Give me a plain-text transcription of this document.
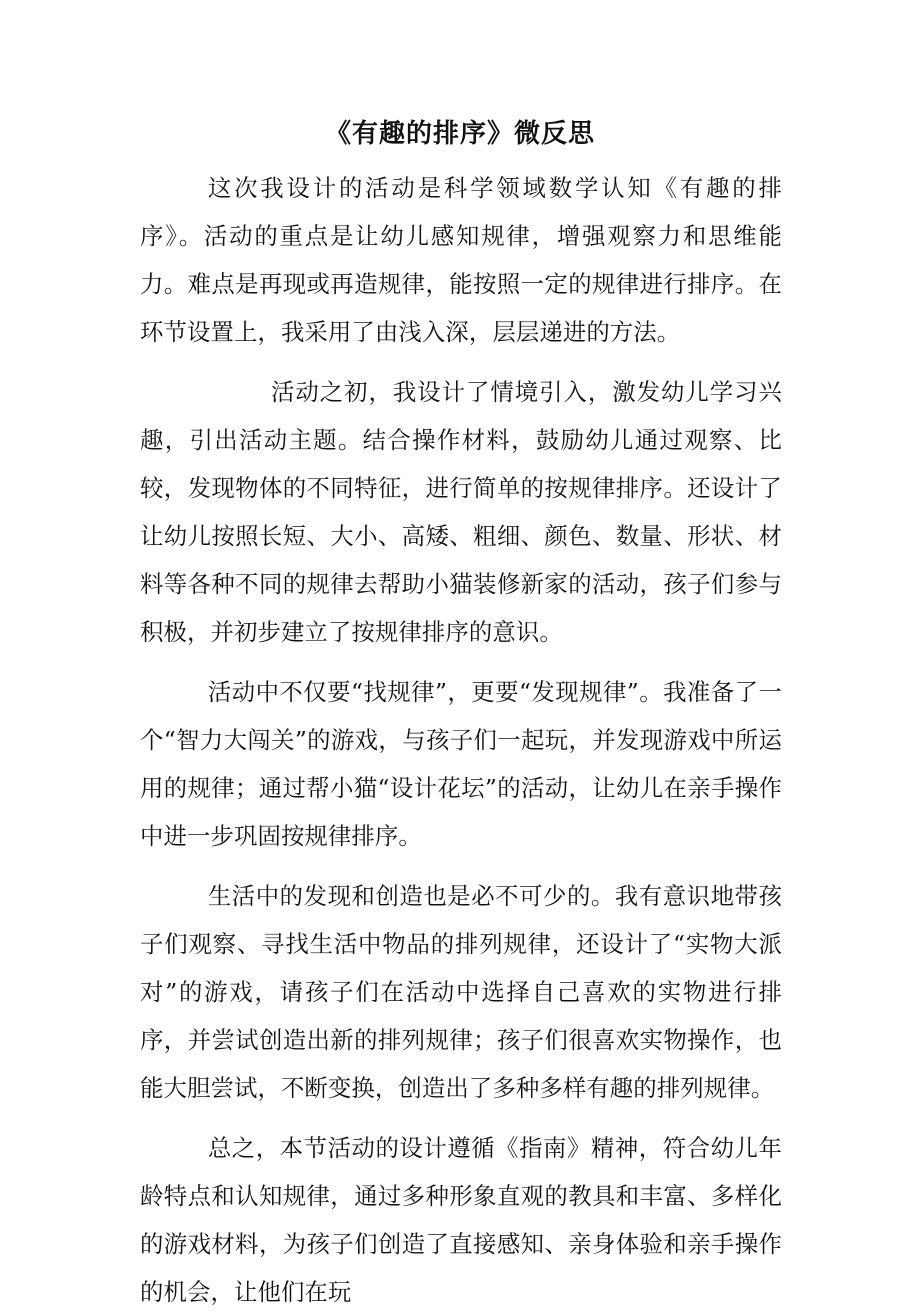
《有趣的排序》微反思

这次我设计的活动是科学领域数学认知《有趣的排序》。活动的重点是让幼儿感知规律，增强观察力和思维能力。难点是再现或再造规律，能按照一定的规律进行排序。在环节设置上，我采用了由浅入深，层层递进的方法。

活动之初，我设计了情境引入，激发幼儿学习兴趣，引出活动主题。结合操作材料，鼓励幼儿通过观察、比较，发现物体的不同特征，进行简单的按规律排序。还设计了让幼儿按照长短、大小、高矮、粗细、颜色、数量、形状、材料等各种不同的规律去帮助小猫装修新家的活动，孩子们参与积极，并初步建立了按规律排序的意识。

活动中不仅要“找规律”，更要“发现规律”。我准备了一个“智力大闯关”的游戏，与孩子们一起玩，并发现游戏中所运用的规律；通过帮小猫“设计花坛”的活动，让幼儿在亲手操作中进一步巩固按规律排序。

生活中的发现和创造也是必不可少的。我有意识地带孩子们观察、寻找生活中物品的排列规律，还设计了“实物大派对”的游戏，请孩子们在活动中选择自己喜欢的实物进行排序，并尝试创造出新的排列规律；孩子们很喜欢实物操作，也能大胆尝试，不断变换，创造出了多种多样有趣的排列规律。

总之，本节活动的设计遵循《指南》精神，符合幼儿年龄特点和认知规律，通过多种形象直观的教具和丰富、多样化的游戏材料，为孩子们创造了直接感知、亲身体验和亲手操作的机会，让他们在玩
